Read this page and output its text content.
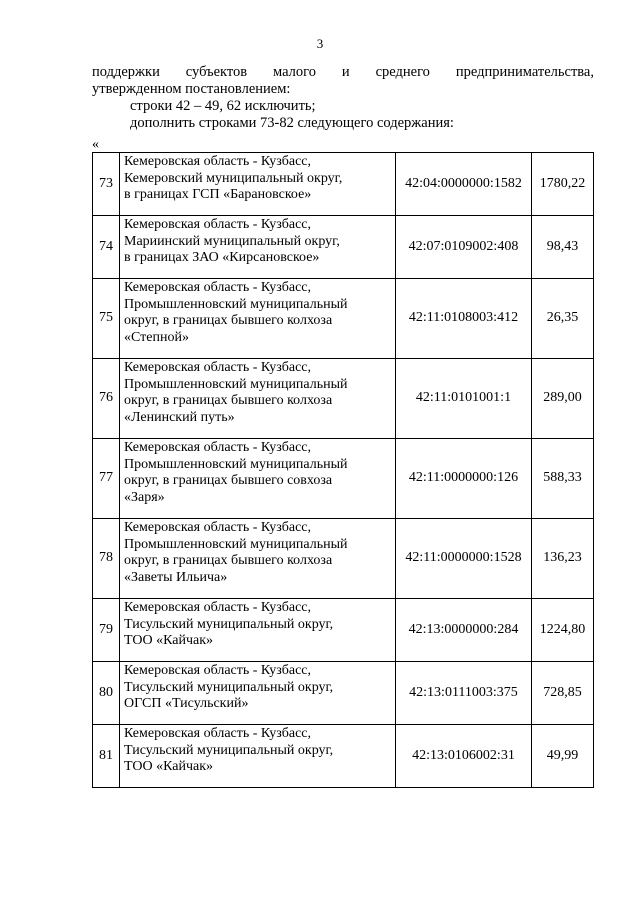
3
поддержки субъектов малого и среднего предпринимательства,
утвержденном постановлением:
строки 42 – 49, 62 исключить;
дополнить строками 73-82 следующего содержания:
«
73	Кемеровская область - Кузбасс,
Кемеровский муниципальный округ,
в границах ГСП «Барановское»	42:04:0000000:1582	1780,22
74	Кемеровская область - Кузбасс,
Мариинский муниципальный округ,
в границах ЗАО «Кирсановское»	42:07:0109002:408	98,43
75	Кемеровская область - Кузбасс,
Промышленновский муниципальный
округ, в границах бывшего колхоза
«Степной»	42:11:0108003:412	26,35
76	Кемеровская область - Кузбасс,
Промышленновский муниципальный
округ, в границах бывшего колхоза
«Ленинский путь»	42:11:0101001:1	289,00
77	Кемеровская область - Кузбасс,
Промышленновский муниципальный
округ, в границах бывшего совхоза
«Заря»	42:11:0000000:126	588,33
78	Кемеровская область - Кузбасс,
Промышленновский муниципальный
округ, в границах бывшего колхоза
«Заветы Ильича»	42:11:0000000:1528	136,23
79	Кемеровская область - Кузбасс,
Тисульский муниципальный округ,
ТОО «Кайчак»	42:13:0000000:284	1224,80
80	Кемеровская область - Кузбасс,
Тисульский муниципальный округ,
ОГСП «Тисульский»	42:13:0111003:375	728,85
81	Кемеровская область - Кузбасс,
Тисульский муниципальный округ,
ТОО «Кайчак»	42:13:0106002:31	49,99
